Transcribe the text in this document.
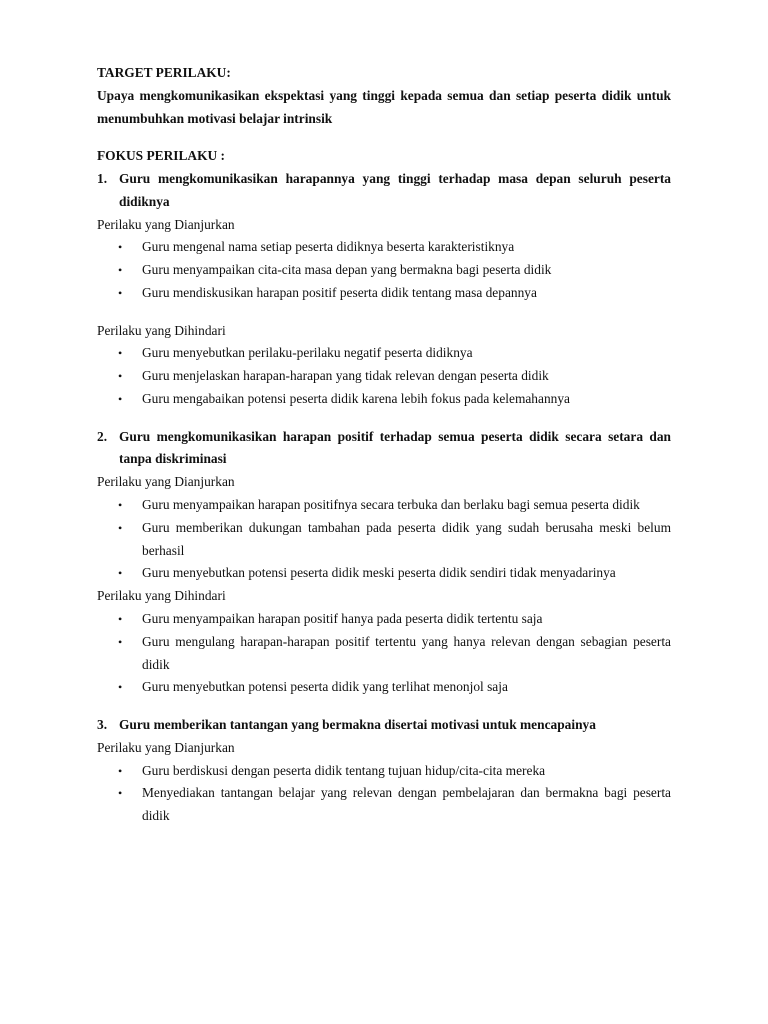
TARGET PERILAKU:
Upaya mengkomunikasikan ekspektasi yang tinggi kepada semua dan setiap peserta didik untuk menumbuhkan motivasi belajar intrinsik
FOKUS PERILAKU :
1. Guru mengkomunikasikan harapannya yang tinggi terhadap masa depan seluruh peserta didiknya
Perilaku yang Dianjurkan
• Guru mengenal nama setiap peserta didiknya beserta karakteristiknya
• Guru menyampaikan cita-cita masa depan yang bermakna bagi peserta didik
• Guru mendiskusikan harapan positif peserta didik tentang masa depannya
Perilaku yang Dihindari
• Guru menyebutkan perilaku-perilaku negatif peserta didiknya
• Guru menjelaskan harapan-harapan yang tidak relevan dengan peserta didik
• Guru mengabaikan potensi peserta didik karena lebih fokus pada kelemahannya
2. Guru mengkomunikasikan harapan positif terhadap semua peserta didik secara setara dan tanpa diskriminasi
Perilaku yang Dianjurkan
• Guru menyampaikan harapan positifnya secara terbuka dan berlaku bagi semua peserta didik
• Guru memberikan dukungan tambahan pada peserta didik yang sudah berusaha meski belum berhasil
• Guru menyebutkan potensi peserta didik meski peserta didik sendiri tidak menyadarinya
Perilaku yang Dihindari
• Guru menyampaikan harapan positif hanya pada peserta didik tertentu saja
• Guru mengulang harapan-harapan positif tertentu yang hanya relevan dengan sebagian peserta didik
• Guru menyebutkan potensi peserta didik yang terlihat menonjol saja
3. Guru memberikan tantangan yang bermakna disertai motivasi untuk mencapainya
Perilaku yang Dianjurkan
• Guru berdiskusi dengan peserta didik tentang tujuan hidup/cita-cita mereka
• Menyediakan tantangan belajar yang relevan dengan pembelajaran dan bermakna bagi peserta didik
